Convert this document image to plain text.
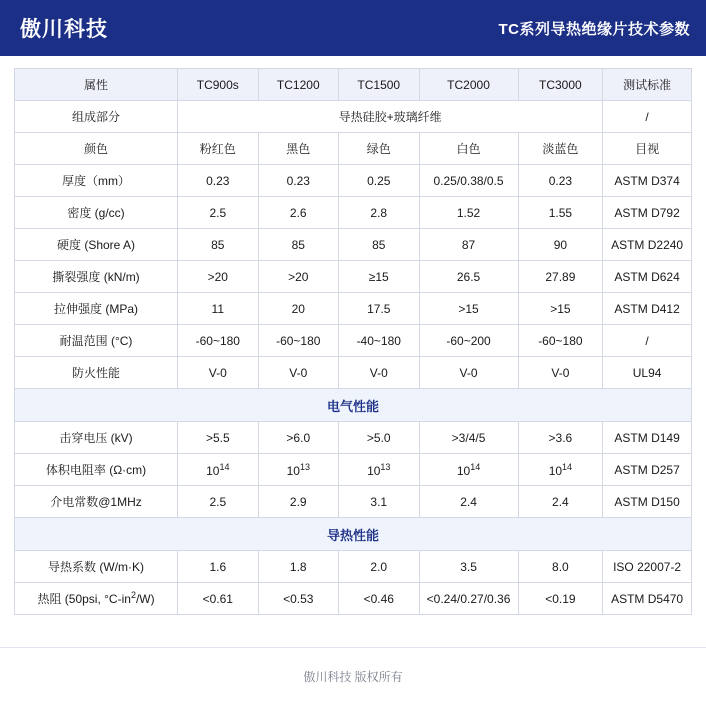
傲川科技	TC系列导热绝缘片技术参数
属性	TC900s	TC1200	TC1500	TC2000	TC3000	测试标准
组成部分	导热硅胶+玻璃纤维					/
颜色	粉红色	黑色	绿色	白色	淡蓝色	目视
厚度（mm）	0.23	0.23	0.25	0.25/0.38/0.5	0.23	ASTM D374
密度 (g/cc)	2.5	2.6	2.8	1.52	1.55	ASTM D792
硬度 (Shore A)	85	85	85	87	90	ASTM D2240
撕裂强度 (kN/m)	>20	>20	≥15	26.5	27.89	ASTM D624
拉伸强度 (MPa)	11	20	17.5	>15	>15	ASTM D412
耐温范围 (°C)	-60~180	-60~180	-40~180	-60~200	-60~180	/
防火性能	V-0	V-0	V-0	V-0	V-0	UL94
电气性能						
击穿电压 (kV)	>5.5	>6.0	>5.0	>3/4/5	>3.6	ASTM D149
体积电阻率 (Ω·cm)	$10^{14}$	$10^{13}$	$10^{13}$	$10^{14}$	$10^{14}$	ASTM D257
介电常数@1MHz	2.5	2.9	3.1	2.4	2.4	ASTM D150
导热性能						
导热系数 (W/m·K)	1.6	1.8	2.0	3.5	8.0	ISO 22007-2
热阻 (50psi, $^\circ C-in^2/W$)	<0.61	<0.53	<0.46	<0.24/0.27/0.36	<0.19	ASTM D5470
傲川科技 版权所有
